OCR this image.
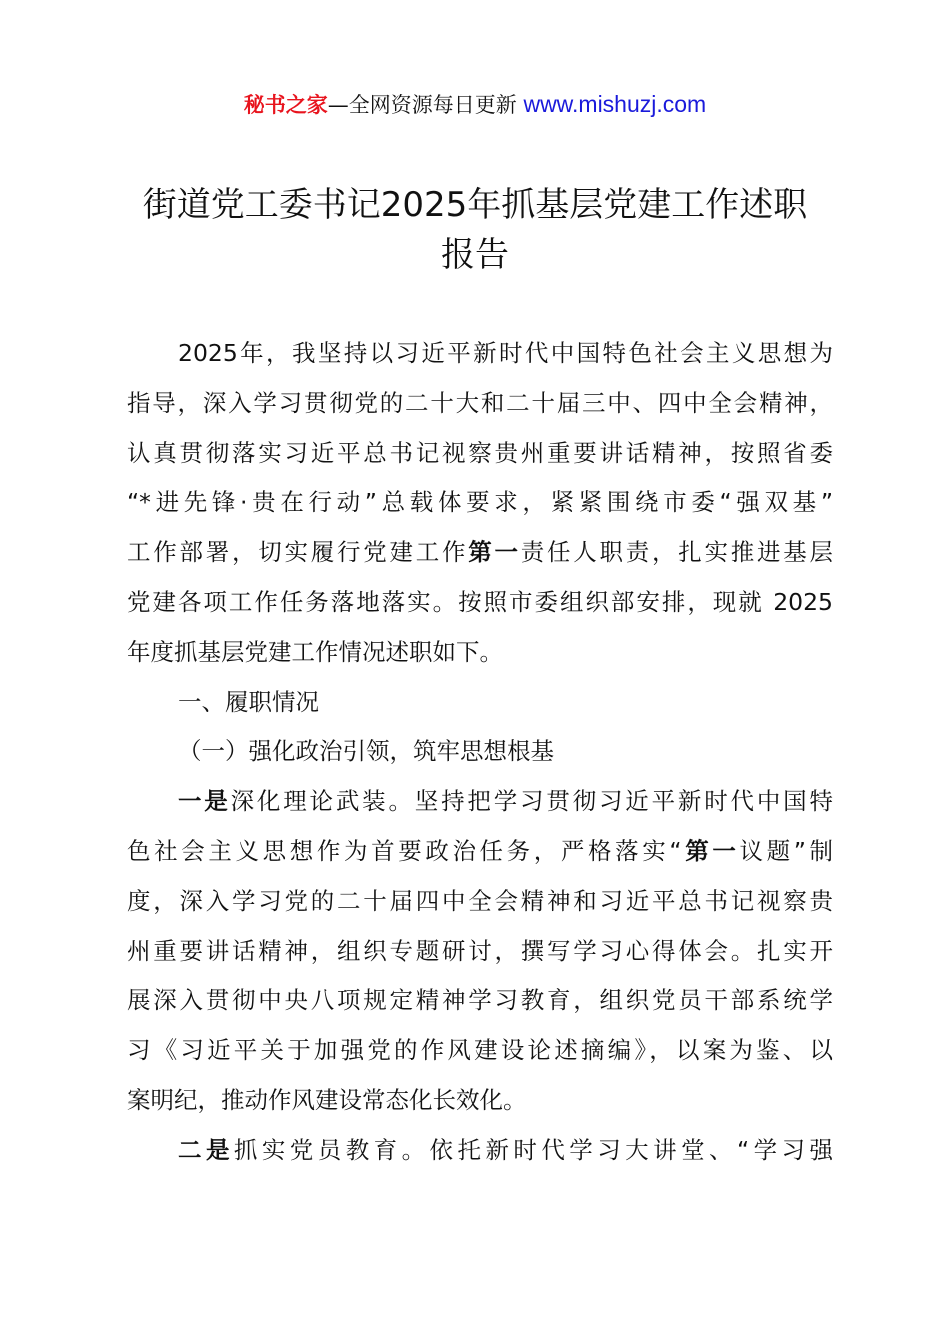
秘书之家—全网资源每日更新 www.mishuzj.com
街道党工委书记2025年抓基层党建工作述职
报告
2025年，我坚持以习近平新时代中国特色社会主义思想为
指导，深入学习贯彻党的二十大和二十届三中、四中全会精神，
认真贯彻落实习近平总书记视察贵州重要讲话精神，按照省委
“*进先锋·贵在行动”总载体要求，紧紧围绕市委“强双基”
工作部署，切实履行党建工作第一责任人职责，扎实推进基层
党建各项工作任务落地落实。按照市委组织部安排，现就 2025
年度抓基层党建工作情况述职如下。
一、履职情况
（一）强化政治引领，筑牢思想根基
一是深化理论武装。坚持把学习贯彻习近平新时代中国特
色社会主义思想作为首要政治任务，严格落实“第一议题”制
度，深入学习党的二十届四中全会精神和习近平总书记视察贵
州重要讲话精神，组织专题研讨，撰写学习心得体会。扎实开
展深入贯彻中央八项规定精神学习教育，组织党员干部系统学
习《习近平关于加强党的作风建设论述摘编》，以案为鉴、以
案明纪，推动作风建设常态化长效化。
二是抓实党员教育。依托新时代学习大讲堂、“学习强
